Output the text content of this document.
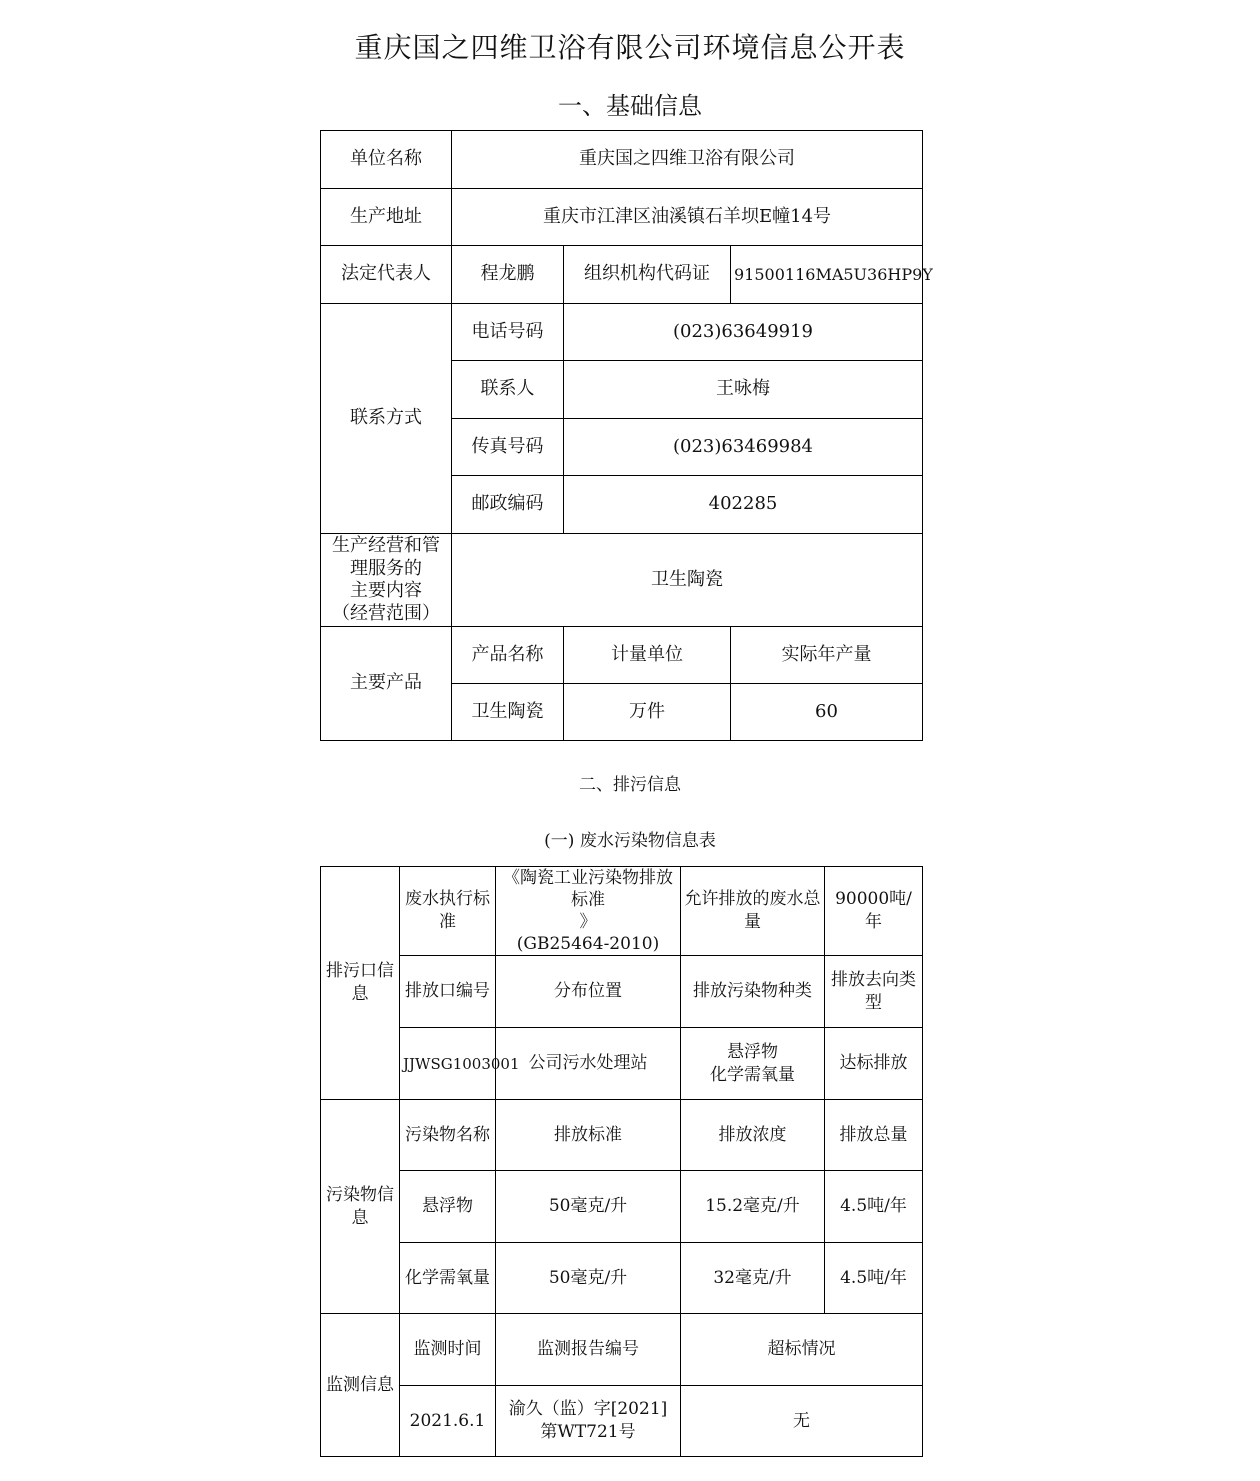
重庆国之四维卫浴有限公司环境信息公开表
一、基础信息
单位名称	重庆国之四维卫浴有限公司		
生产地址	重庆市江津区油溪镇石羊坝E幢14号		
法定代表人	程龙鹏	组织机构代码证	91500116MA5U36HP9Y
联系方式	电话号码	(023)63649919	
	联系人	王咏梅	
	传真号码	(023)63469984	
	邮政编码	402285	

生产经营和管
理服务的
主要内容
（经营范围）	卫生陶瓷		
主要产品	产品名称	计量单位	实际年产量
	卫生陶瓷	万件	60
二、排污信息
(一) 废水污染物信息表
排污口信息	废水执行标准	《陶瓷工业污染物排放标准
》
(GB25464-2010)	允许排放的废水总量	90000吨/年
	排放口编号	分布位置	排放污染物种类	排放去向类型
	JJWSG1003001	公司污水处理站	悬浮物
化学需氧量	达标排放
污染物信息	污染物名称	排放标准	排放浓度	排放总量
	悬浮物	50毫克/升	15.2毫克/升	4.5吨/年
	化学需氧量	50毫克/升	32毫克/升	4.5吨/年
监测信息	监测时间	监测报告编号	超标情况	
	2021.6.1	渝久（监）字[2021]
第WT721号	无	
